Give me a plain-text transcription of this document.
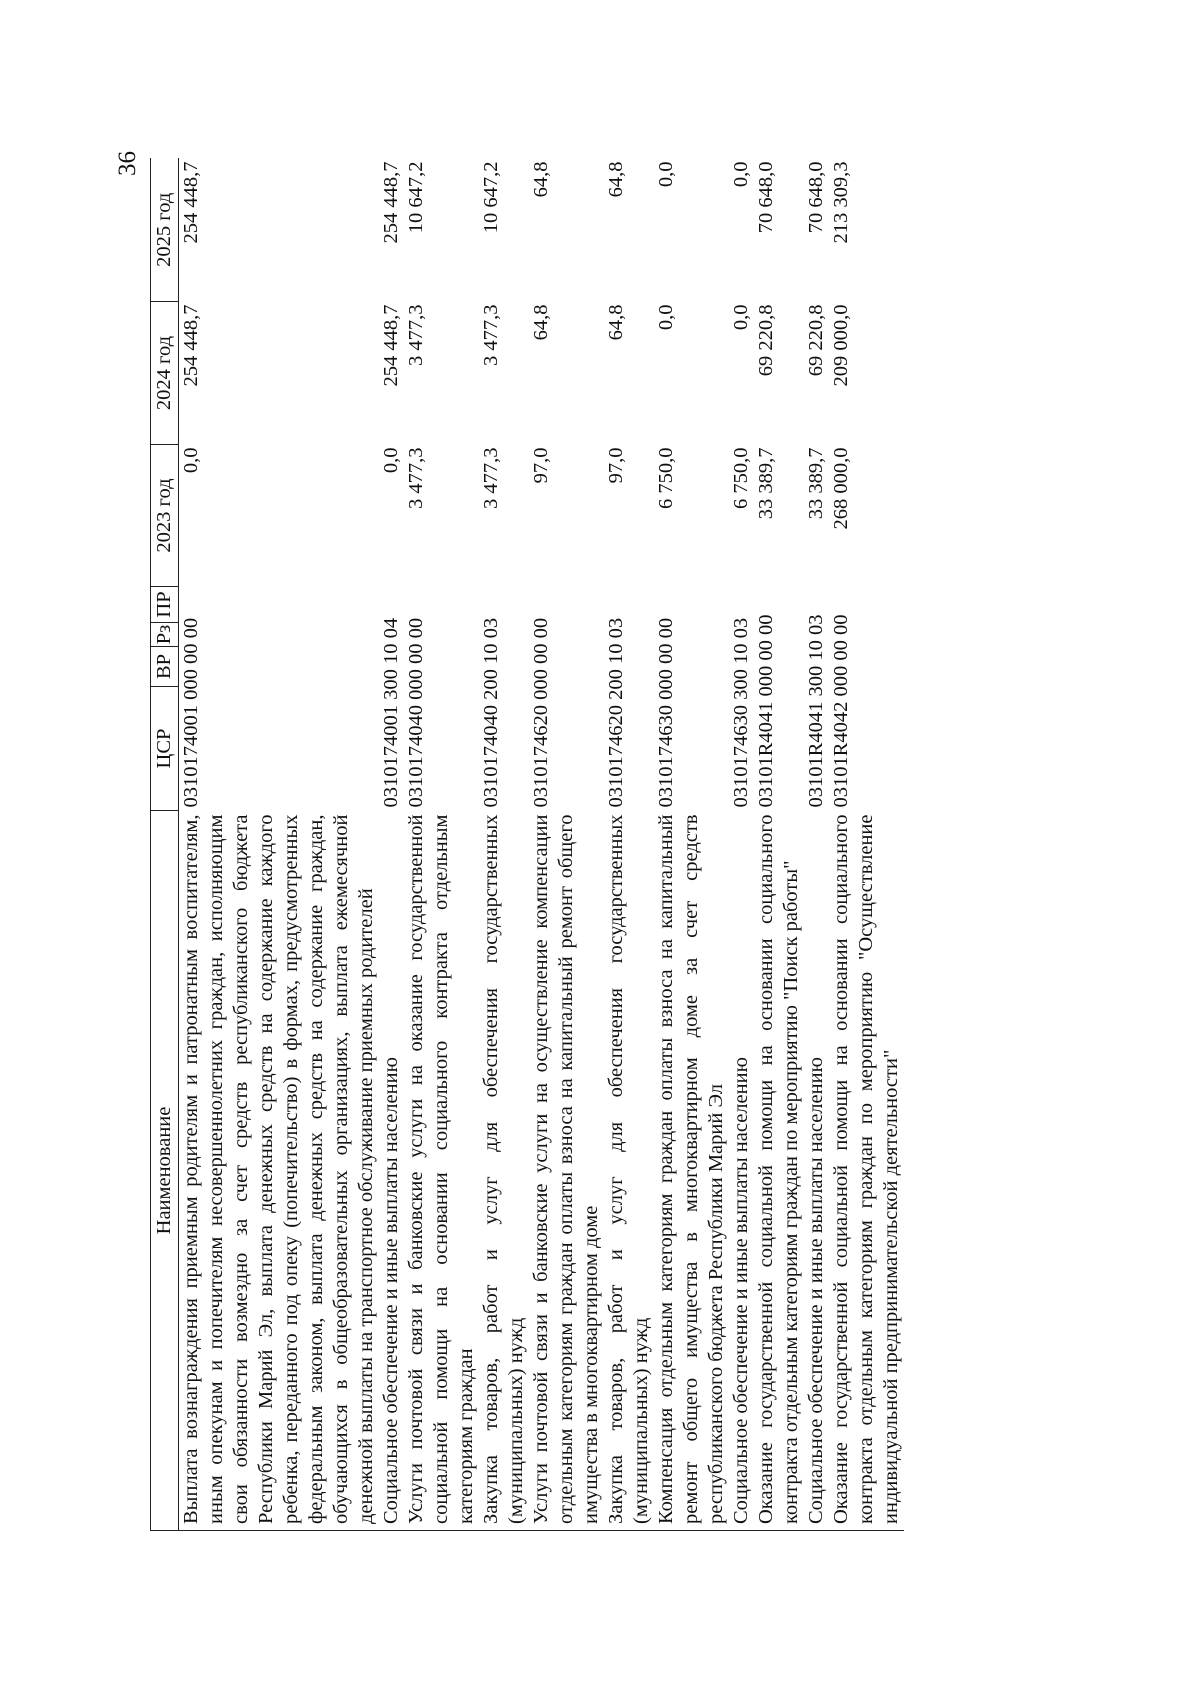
36
Наименование	ЦСР	ВР	Рз	ПР	2023 год	2024 год	2025 год
Выплата вознаграждения приемным родителям и патронатным воспитателям, иным опекунам и попечителям несовершеннолетних граждан, исполняющим свои обязанности возмездно за счет средств республиканского бюджета Республики Марий Эл, выплата денежных средств на содержание каждого ребенка, переданного под опеку (попечительство) в формах, предусмотренных федеральным законом, выплата денежных средств на содержание граждан, обучающихся в общеобразовательных организациях, выплата ежемесячной денежной выплаты на транспортное обслуживание приемных родителей	0310174001 000 00 00				0,0	254 448,7	254 448,7
Социальное обеспечение и иные выплаты населению	0310174001 300 10 04				0,0	254 448,7	254 448,7
Услуги почтовой связи и банковские услуги на оказание государственной социальной помощи на основании социального контракта отдельным категориям граждан	0310174040 000 00 00				3 477,3	3 477,3	10 647,2
Закупка товаров, работ и услуг для обеспечения государственных (муниципальных) нужд	0310174040 200 10 03				3 477,3	3 477,3	10 647,2
Услуги почтовой связи и банковские услуги на осуществление компенсации отдельным категориям граждан оплаты взноса на капитальный ремонт общего имущества в многоквартирном доме	0310174620 000 00 00				97,0	64,8	64,8
Закупка товаров, работ и услуг для обеспечения государственных (муниципальных) нужд	0310174620 200 10 03				97,0	64,8	64,8
Компенсация отдельным категориям граждан оплаты взноса на капитальный ремонт общего имущества в многоквартирном доме за счет средств республиканского бюджета Республики Марий Эл	0310174630 000 00 00				6 750,0	0,0	0,0
Социальное обеспечение и иные выплаты населению	0310174630 300 10 03				6 750,0	0,0	0,0
Оказание государственной социальной помощи на основании социального контракта отдельным категориям граждан по мероприятию "Поиск работы"	03101R4041 000 00 00				33 389,7	69 220,8	70 648,0
Социальное обеспечение и иные выплаты населению	03101R4041 300 10 03				33 389,7	69 220,8	70 648,0
Оказание государственной социальной помощи на основании социального контракта отдельным категориям граждан по мероприятию "Осуществление индивидуальной предпринимательской деятельности"	03101R4042 000 00 00				268 000,0	209 000,0	213 309,3
